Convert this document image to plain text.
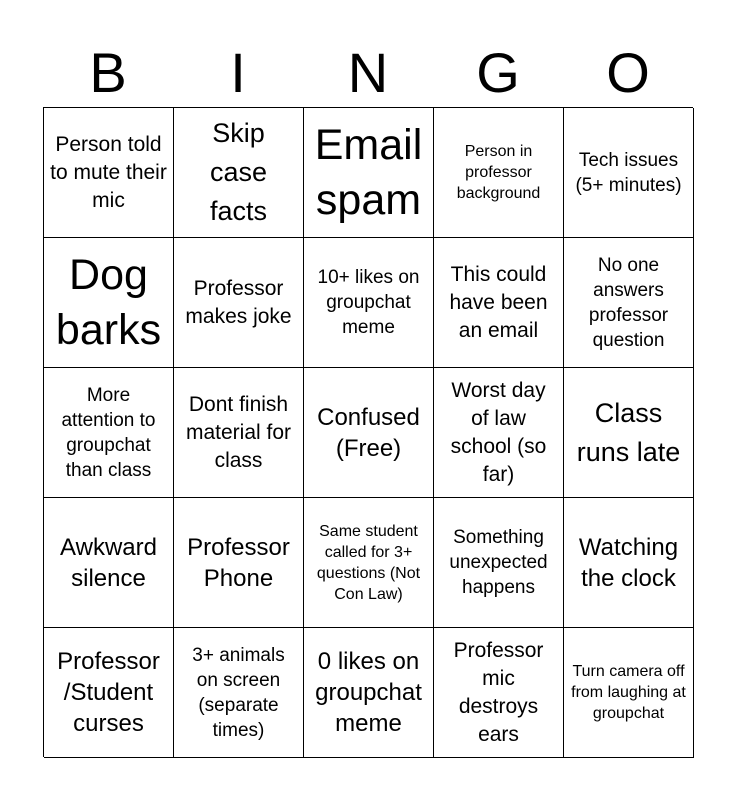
B	I	N	G	O
Person told to mute their mic
Skip case facts
Email spam
Person in professor background
Tech issues (5+ minutes)
Dog barks
Professor makes joke
10+ likes on groupchat meme
This could have been an email
No one answers professor question
More attention to groupchat than class
Dont finish material for class
Confused (Free)
Worst day of law school (so far)
Class runs late
Awkward silence
Professor Phone
Same student called for 3+ questions (Not Con Law)
Something unexpected happens
Watching the clock
Professor /Student curses
3+ animals on screen (separate times)
0 likes on groupchat meme
Professor mic destroys ears
Turn camera off from laughing at groupchat
